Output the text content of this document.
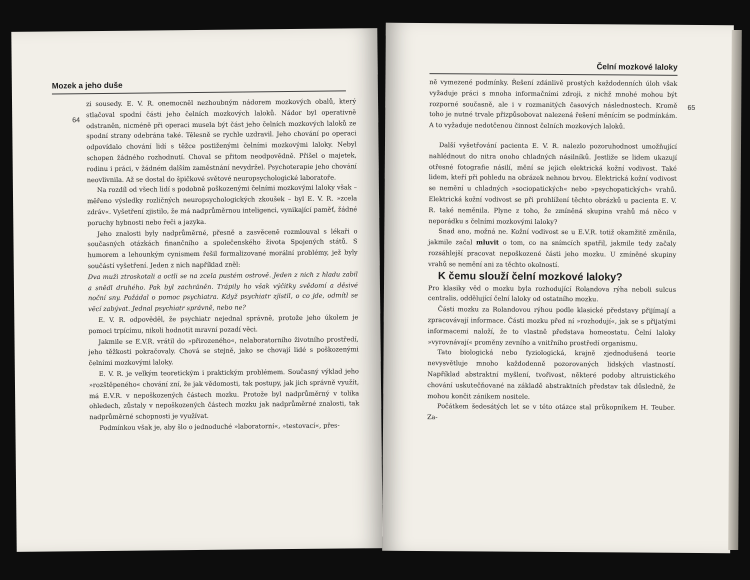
Mozek a jeho duše
64

zi sousedy. E. V. R. onemocněl nezhoubným nádorem mozkových obalů, který stlačoval spodní části jeho čelních mozkových laloků. Nádor byl operativně odstraněn, nicméně při operaci musela být část jeho čelních mozkových laloků ze spodní strany odebrána také. Tělesně se rychle uzdravil. Jeho chování po operaci odpovídalo chování lidí s těžce postiženými čelními mozkovými laloky. Nebyl schopen žádného rozhodnutí. Choval se přitom neodpovědně. Přišel o majetek, rodinu i práci, v žádném dalším zaměstnání nevydržel. Psychoterapie jeho chování neovlivnila. Až se dostal do špičkové světové neuropsychologické laboratoře.

Na rozdíl od všech lidí s podobně poškozenými čelními mozkovými laloky však – měřeno výsledky rozličných neuropsychologických zkoušek – byl E. V. R. »zcela zdráv«. Vyšetření zjistilo, že má nadprůměrnou inteligenci, vynikající paměť, žádné poruchy hybnosti nebo řeči a jazyka.

Jeho znalosti byly nadprůměrné, přesně a zasvěceně rozmlouval s lékaři o současných otázkách finančního a společenského života Spojených států. S humorem a lehounkým cynismem řešil formalizované morální problémy, jež byly součástí vyšetření. Jeden z nich například zněl:

Dva muži ztroskotali a octli se na zcela pustém ostrově. Jeden z nich z hladu zabil a snědl druhého. Pak byl zachráněn. Trápily ho však výčitky svědomí a děsivé noční sny. Požádal o pomoc psychiatra. Když psychiatr zjistil, o co jde, odmítl se věcí zabývat. Jednal psychiatr správně, nebo ne?

E. V. R. odpověděl, že psychiatr nejednal správně, protože jeho úkolem je pomoci trpícímu, nikoli hodnotit mravní pozadí věci.

Jakmile se E.V.R. vrátil do »přirozeného«, nelaboratorního životního prostředí, jeho těžkosti pokračovaly. Chová se stejně, jako se chovají lidé s poškozenými čelními mozkovými laloky.

E. V. R. je velkým teoretickým i praktickým problémem. Současný výklad jeho »rozštěpeného« chování zní, že jak vědomosti, tak postupy, jak jich správně využít, má E.V.R. v nepoškozených částech mozku. Protože byl nadprůměrný v tolika ohledech, zůstaly v nepoškozených částech mozku jak nadprůměrné znalosti, tak nadprůměrné schopnosti je využívat.

Podmínkou však je, aby šlo o jednoduché »laboratorní«, »testovací«, přes-

Čelní mozkové laloky
65

ně vymezené podmínky. Řešení zdánlivě prostých každodenních úloh však vyžaduje práci s mnoha informačními zdroji, z nichž mnohé mohou být rozporné současně, ale i v rozmanitých časových následnostech. Kromě toho je nutné trvale přizpůsobovat nalezená řešení měnícím se podmínkám. A to vyžaduje nedotčenou činnost čelních mozkových laloků.

Další vyšetřování pacienta E. V. R. nalezlo pozoruhodnost umožňující nahlédnout do nitra onoho chladných násilníků. Jestliže se lidem ukazují otřesné fotografie násilí, mění se jejich elektrická kožní vodivost. Také lidem, kteří při pohledu na obrázek nehnou brvou. Elektrická kožní vodivost se nemění u chladných »sociopatických« nebo »psychopatických« vrahů. Elektrická kožní vodivost se při prohlížení těchto obrázků u pacienta E. V. R. také neměnila. Plyne z toho, že zmíněná skupina vrahů má něco v neporádku s čelními mozkovými laloky?

Snad ano, možná ne. Kožní vodivost se u E.V.R. totiž okamžitě změnila, jakmile začal mluvit o tom, co na snímcích spatřil, jakmile tedy začaly rozsáhlejší pracovat nepoškozené části jeho mozku. U zmíněné skupiny vrahů se nemění ani za těchto okolností.

K čemu slouží čelní mozkové laloky?

Pro klasiky věd o mozku byla rozhodující Rolandova rýha neboli sulcus centralis, oddělující čelní laloky od ostatního mozku.

Části mozku za Rolandovou rýhou podle klasické představy přijímají a zpracovávají informace. Části mozku před ní »rozhodují«, jak se s přijatými informacemi naloží, že to vlastně představa homeostatu. Čelní laloky »vyrovnávají« proměny zevního a vnitřního prostředí organismu.

Tato biologická nebo fyziologická, krajně zjednodušená teorie nevysvětluje mnoho každodenně pozorovaných lidských vlastností. Například abstraktní myšlení, tvořivost, některé podoby altruistického chování uskutečňované na základě abstraktních představ tak důsledně, že mohou končit zánikem nositele.

Počátkem šedesátých let se v této otázce stal průkopníkem H. Teuber. Za-
